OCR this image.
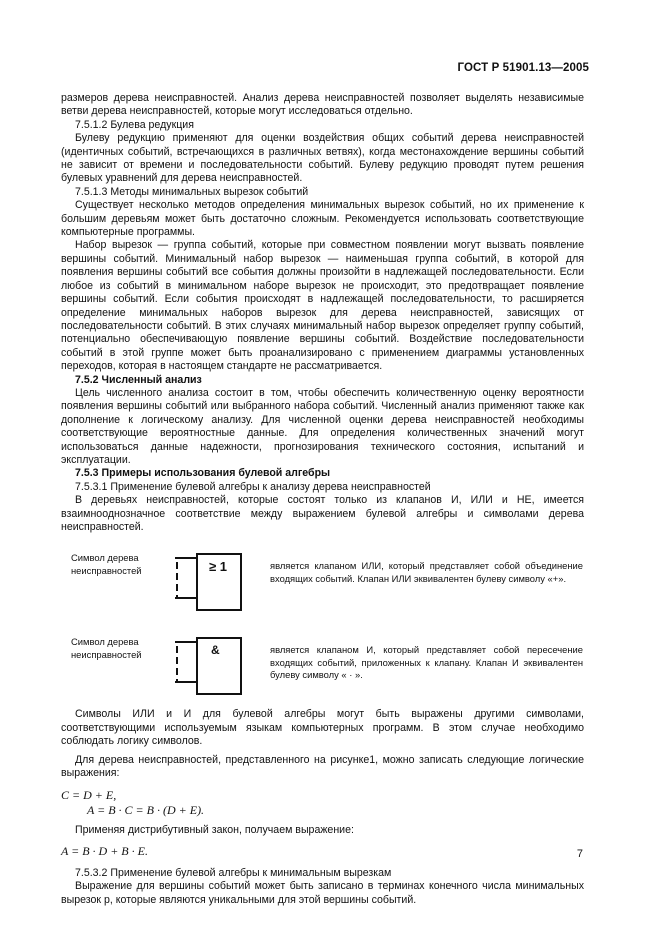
ГОСТ Р 51901.13—2005

размеров дерева неисправностей. Анализ дерева неисправностей позволяет выделять независимые ветви дерева неисправностей, которые могут исследоваться отдельно.

7.5.1.2 Булева редукция

Булеву редукцию применяют для оценки воздействия общих событий дерева неисправностей (идентичных событий, встречающихся в различных ветвях), когда местонахождение вершины событий не зависит от времени и последовательности событий. Булеву редукцию проводят путем решения булевых уравнений для дерева неисправностей.

7.5.1.3 Методы минимальных вырезок событий

Существует несколько методов определения минимальных вырезок событий, но их применение к большим деревьям может быть достаточно сложным. Рекомендуется использовать соответствующие компьютерные программы.

Набор вырезок — группа событий, которые при совместном появлении могут вызвать появление вершины событий. Минимальный набор вырезок — наименьшая группа событий, в которой для появления вершины событий все события должны произойти в надлежащей последовательности. Если любое из событий в минимальном наборе вырезок не происходит, это предотвращает появление вершины событий. Если события происходят в надлежащей последовательности, то расширяется определение минимальных наборов вырезок для дерева неисправностей, зависящих от последовательности событий. В этих случаях минимальный набор вырезок определяет группу событий, потенциально обеспечивающую появление вершины событий. Воздействие последовательности событий в этой группе может быть проанализировано с применением диаграммы установленных переходов, которая в настоящем стандарте не рассматривается.

7.5.2 Численный анализ

Цель численного анализа состоит в том, чтобы обеспечить количественную оценку вероятности появления вершины событий или выбранного набора событий. Численный анализ применяют также как дополнение к логическому анализу. Для численной оценки дерева неисправностей необходимы соответствующие вероятностные данные. Для определения количественных значений могут использоваться данные надежности, прогнозирования технического состояния, испытаний и эксплуатации.

7.5.3 Примеры использования булевой алгебры

7.5.3.1 Применение булевой алгебры к анализу дерева неисправностей

В деревьях неисправностей, которые состоят только из клапанов И, ИЛИ и НЕ, имеется взаимнооднозначное соответствие между выражением булевой алгебры и символами дерева неисправностей.

Символ дерева неисправностей	≥ 1	является клапаном ИЛИ, который представляет собой объединение входящих событий. Клапан ИЛИ эквивалентен булеву символу «+».
Символ дерева неисправностей	&	является клапаном И, который представляет собой пересечение входящих событий, приложенных к клапану. Клапан И эквивалентен булеву символу « · ».

Символы ИЛИ и И для булевой алгебры могут быть выражены другими символами, соответствующими используемым языкам компьютерных программ. В этом случае необходимо соблюдать логику символов.

Для дерева неисправностей, представленного на рисунке1, можно записать следующие логические выражения:

C = D + E,

A = B · C = B · (D + E).

Применяя дистрибутивный закон, получаем выражение:

A = B · D + B · E.

7.5.3.2 Применение булевой алгебры к минимальным вырезкам

Выражение для вершины событий может быть записано в терминах конечного числа минимальных вырезок p, которые являются уникальными для этой вершины событий.

7
